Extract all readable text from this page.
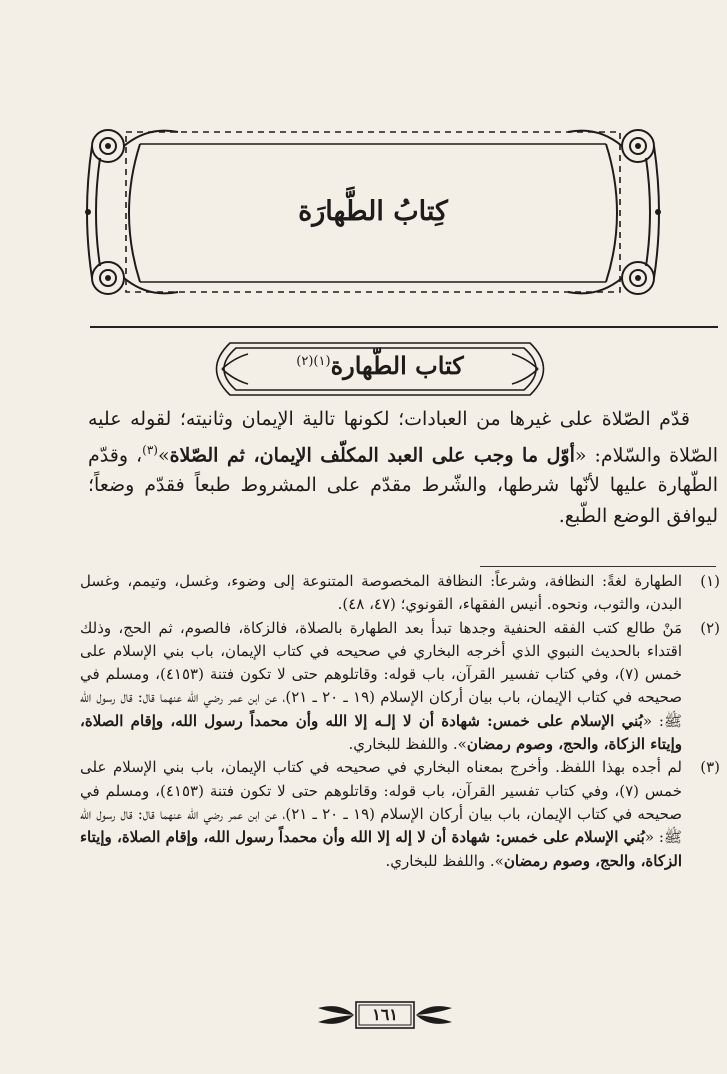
كِتابُ الطَّهارَة
كتاب الطّهارة$^{(١)(٢)}$

قدّم الصّلاة على غيرها من العبادات؛ لكونها تالية الإيمان وثانيته؛ لقوله عليه الصّلاة والسّلام: «أوّل ما وجب على العبد المكلّف الإيمان، ثم الصّلاة»$^{(٣)}$، وقدّم الطّهارة عليها لأنّها شرطها، والشّرط مقدّم على المشروط طبعاً فقدّم وضعاً؛ ليوافق الوضع الطّبع.

(١)
الطهارة لغةً: النظافة، وشرعاً: النظافة المخصوصة المتنوعة إلى وضوء، وغسل، وتيمم، وغسل البدن، والثوب، ونحوه. أنيس الفقهاء، القونوي؛ (٤٧، ٤٨).
(٢)
مَنْ طالع كتب الفقه الحنفية وجدها تبدأ بعد الطهارة بالصلاة، فالزكاة، فالصوم، ثم الحج، وذلك اقتداء بالحديث النبوي الذي أخرجه البخاري في صحيحه في كتاب الإيمان، باب بني الإسلام على خمس (٧)، وفي كتاب تفسير القرآن، باب قوله: وقاتلوهم حتى لا تكون فتنة (٤١٥٣)، ومسلم في صحيحه في كتاب الإيمان، باب بيان أركان الإسلام (١٩ ـ ٢٠ ـ ٢١)، عن ابن عمر رضي الله عنهما قال: قال رسول الله ﷺ: «بُني الإسلام على خمس: شهادة أن لا إلـه إلا الله وأن محمداً رسول الله، وإقام الصلاة، وإيتاء الزكاة، والحج، وصوم رمضان». واللفظ للبخاري.
(٣)
لم أجده بهذا اللفظ. وأخرج بمعناه البخاري في صحيحه في كتاب الإيمان، باب بني الإسلام على خمس (٧)، وفي كتاب تفسير القرآن، باب قوله: وقاتلوهم حتى لا تكون فتنة (٤١٥٣)، ومسلم في صحيحه في كتاب الإيمان، باب بيان أركان الإسلام (١٩ ـ ٢٠ ـ ٢١)، عن ابن عمر رضي الله عنهما قال: قال رسول الله ﷺ: «بُني الإسلام على خمس: شهادة أن لا إله إلا الله وأن محمداً رسول الله، وإقام الصلاة، وإيتاء الزكاة، والحج، وصوم رمضان». واللفظ للبخاري.
١٦١
